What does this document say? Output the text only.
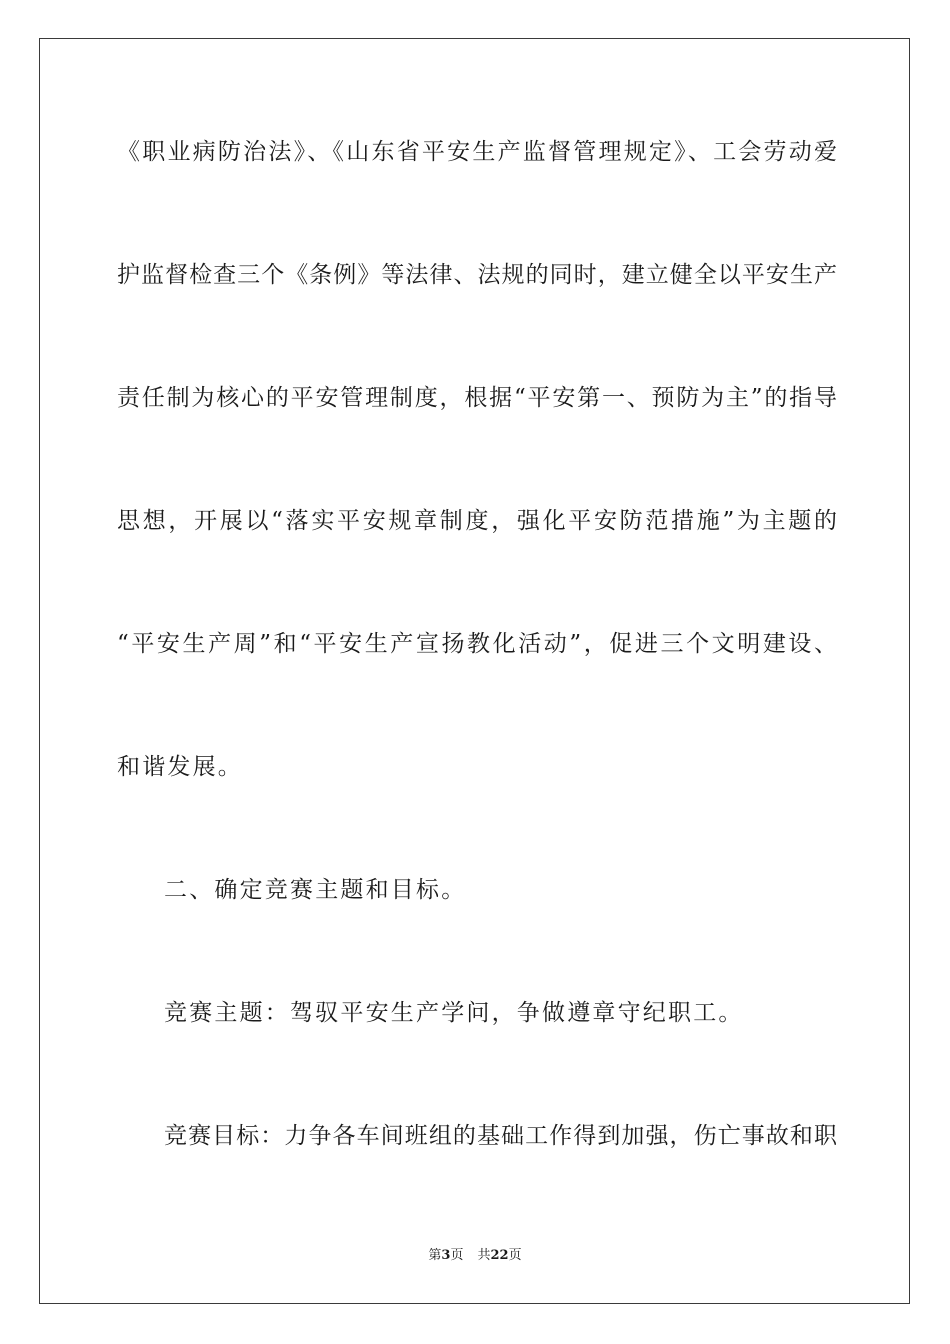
《职业病防治法》、《山东省平安生产监督管理规定》、工会劳动爱
护监督检查三个《条例》等法律、法规的同时，建立健全以平安生产
责任制为核心的平安管理制度，根据“平安第一、预防为主”的指导
思想，开展以“落实平安规章制度，强化平安防范措施”为主题的
“平安生产周”和“平安生产宣扬教化活动”，促进三个文明建设、
和谐发展。
二、确定竞赛主题和目标。
竞赛主题：驾驭平安生产学问，争做遵章守纪职工。
竞赛目标：力争各车间班组的基础工作得到加强，伤亡事故和职
第3页 共22页
